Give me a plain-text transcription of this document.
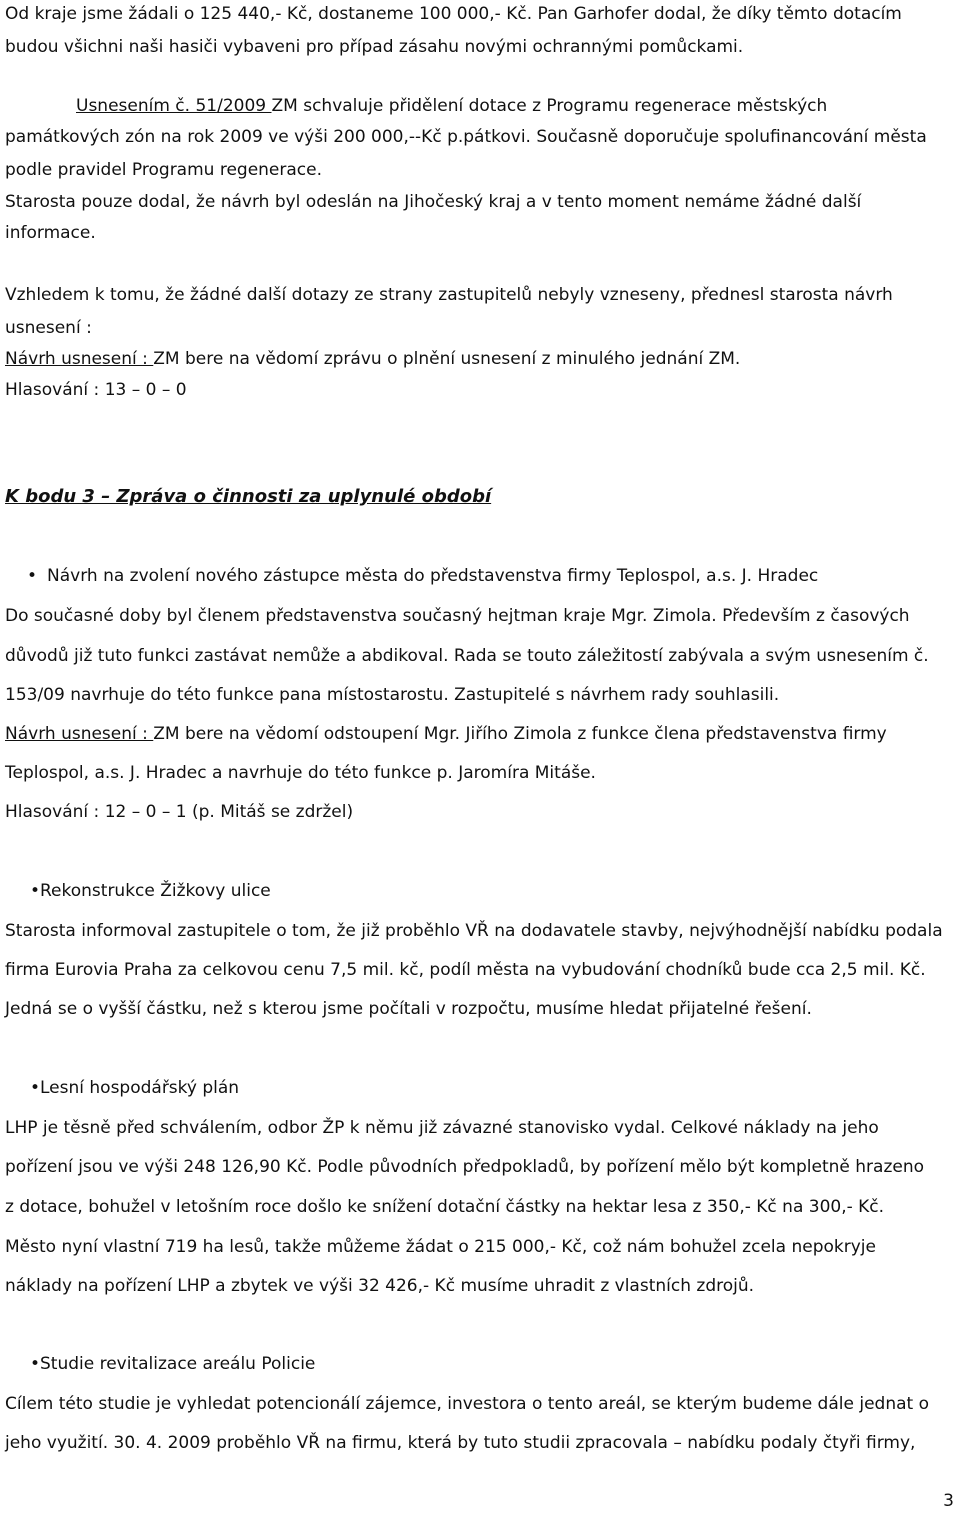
Od kraje jsme žádali o 125 440,- Kč, dostaneme 100 000,- Kč. Pan Garhofer dodal, že díky těmto dotacím
budou všichni naši hasiči vybaveni pro případ zásahu novými ochrannými pomůckami.
Usnesením č. 51/2009 ZM schvaluje přidělení dotace z Programu regenerace městských
památkových zón na rok 2009 ve výši 200 000,--Kč p.pátkovi. Současně doporučuje spolufinancování města
podle pravidel Programu regenerace.
Starosta pouze dodal, že návrh byl odeslán na Jihočeský kraj a v tento moment nemáme žádné další
informace.
Vzhledem k tomu, že žádné další dotazy ze strany zastupitelů nebyly vzneseny, přednesl starosta návrh
usnesení :
Návrh usnesení : ZM bere na vědomí zprávu o plnění usnesení z minulého jednání ZM.
Hlasování : 13 – 0 – 0
K bodu 3 – Zpráva o činnosti za uplynulé období
• Návrh na zvolení nového zástupce města do představenstva firmy Teplospol, a.s. J. Hradec
Do současné doby byl členem představenstva současný hejtman kraje Mgr. Zimola. Především z časových
důvodů již tuto funkci zastávat nemůže a abdikoval. Rada se touto záležitostí zabývala a svým usnesením č.
153/09 navrhuje do této funkce pana místostarostu. Zastupitelé s návrhem rady souhlasili.
Návrh usnesení : ZM bere na vědomí odstoupení Mgr. Jiřího Zimola z funkce člena představenstva firmy
Teplospol, a.s. J. Hradec a navrhuje do této funkce p. Jaromíra Mitáše.
Hlasování : 12 – 0 – 1 (p. Mitáš se zdržel)
•Rekonstrukce Žižkovy ulice
Starosta informoval zastupitele o tom, že již proběhlo VŘ na dodavatele stavby, nejvýhodnější nabídku podala
firma Eurovia Praha za celkovou cenu 7,5 mil. kč, podíl města na vybudování chodníků bude cca 2,5 mil. Kč.
Jedná se o vyšší částku, než s kterou jsme počítali v rozpočtu, musíme hledat přijatelné řešení.
•Lesní hospodářský plán
LHP je těsně před schválením, odbor ŽP k němu již závazné stanovisko vydal. Celkové náklady na jeho
pořízení jsou ve výši 248 126,90 Kč. Podle původních předpokladů, by pořízení mělo být kompletně hrazeno
z dotace, bohužel v letošním roce došlo ke snížení dotační částky na hektar lesa z 350,- Kč na 300,- Kč.
Město nyní vlastní 719 ha lesů, takže můžeme žádat o 215 000,- Kč, což nám bohužel zcela nepokryje
náklady na pořízení LHP a zbytek ve výši 32 426,- Kč musíme uhradit z vlastních zdrojů.
•Studie revitalizace areálu Policie
Cílem této studie je vyhledat potencionálí zájemce, investora o tento areál, se kterým budeme dále jednat o
jeho využití. 30. 4. 2009 proběhlo VŘ na firmu, která by tuto studii zpracovala – nabídku podaly čtyři firmy,
3
